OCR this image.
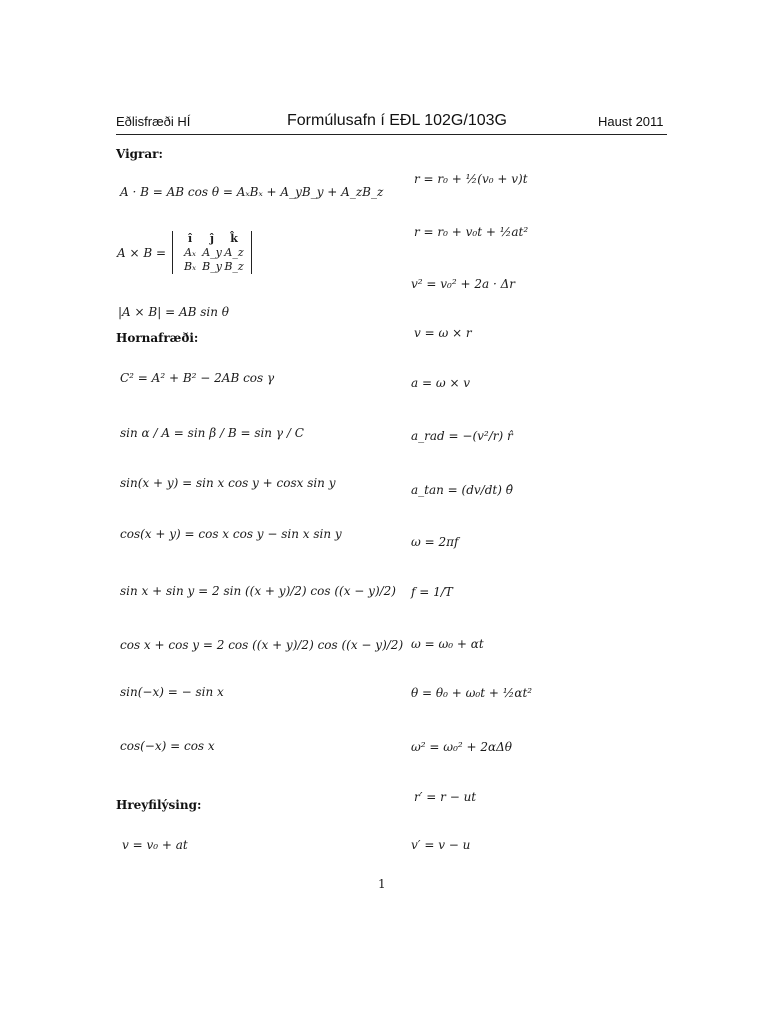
Eðlisfræði HÍ	Formúlusafn í EÐL 102G/103G	Haust 2011
Vigrar:
Hornafræði:
Hreyfilýsing:
A · B = AB cos θ = AₓBₓ + A_yB_y + A_zB_z
A × B =
î	ĵ	k̂
Aₓ A_y A_z
Bₓ B_y B_z
|A × B| = AB sin θ
C² = A² + B² − 2AB cos γ
sin α / A = sin β / B = sin γ / C
sin(x + y) = sin x cos y + cosx sin y
cos(x + y) = cos x cos y − sin x sin y
sin x + sin y = 2 sin ((x + y)/2) cos ((x − y)/2)
cos x + cos y = 2 cos ((x + y)/2) cos ((x − y)/2)
sin(−x) = − sin x
cos(−x) = cos x
v = v₀ + at
r = r₀ + ½(v₀ + v)t
r = r₀ + v₀t + ½at²
v² = v₀² + 2a · Δr
v = ω × r
a = ω × v
a_rad = −(v²/r) r̂
a_tan = (dv/dt) θ̂
ω = 2πf
f = 1/T
ω = ω₀ + αt
θ = θ₀ + ω₀t + ½αt²
ω² = ω₀² + 2αΔθ
r′ = r − ut
v′ = v − u
1
